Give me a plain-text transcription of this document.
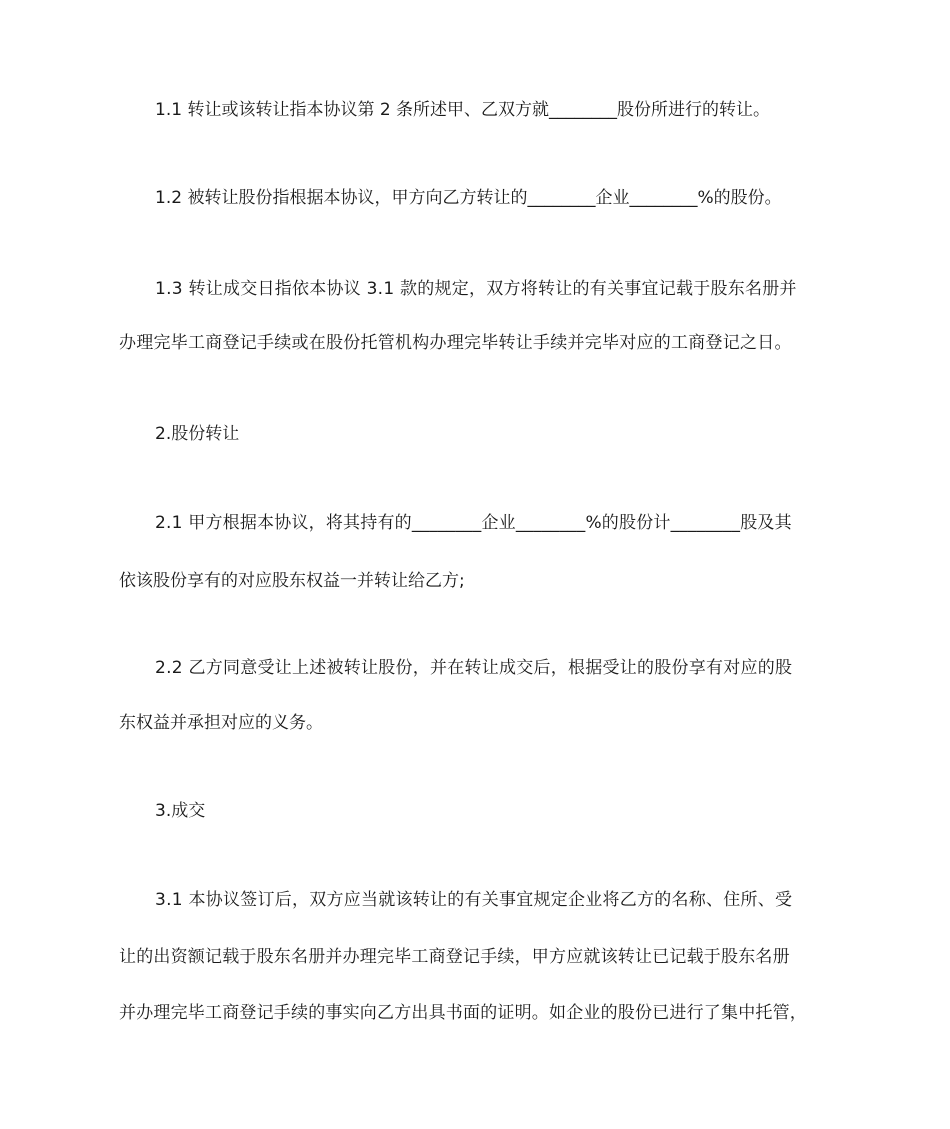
1.1 转让或该转让指本协议第 2 条所述甲、乙双方就________股份所进行的转让。
1.2 被转让股份指根据本协议，甲方向乙方转让的________企业________%的股份。
1.3 转让成交日指依本协议 3.1 款的规定，双方将转让的有关事宜记载于股东名册并
办理完毕工商登记手续或在股份托管机构办理完毕转让手续并完毕对应的工商登记之日。
2.股份转让
2.1 甲方根据本协议，将其持有的________企业________%的股份计________股及其
依该股份享有的对应股东权益一并转让给乙方;
2.2 乙方同意受让上述被转让股份，并在转让成交后，根据受让的股份享有对应的股
东权益并承担对应的义务。
3.成交
3.1 本协议签订后，双方应当就该转让的有关事宜规定企业将乙方的名称、住所、受
让的出资额记载于股东名册并办理完毕工商登记手续，甲方应就该转让已记载于股东名册
并办理完毕工商登记手续的事实向乙方出具书面的证明。如企业的股份已进行了集中托管，
